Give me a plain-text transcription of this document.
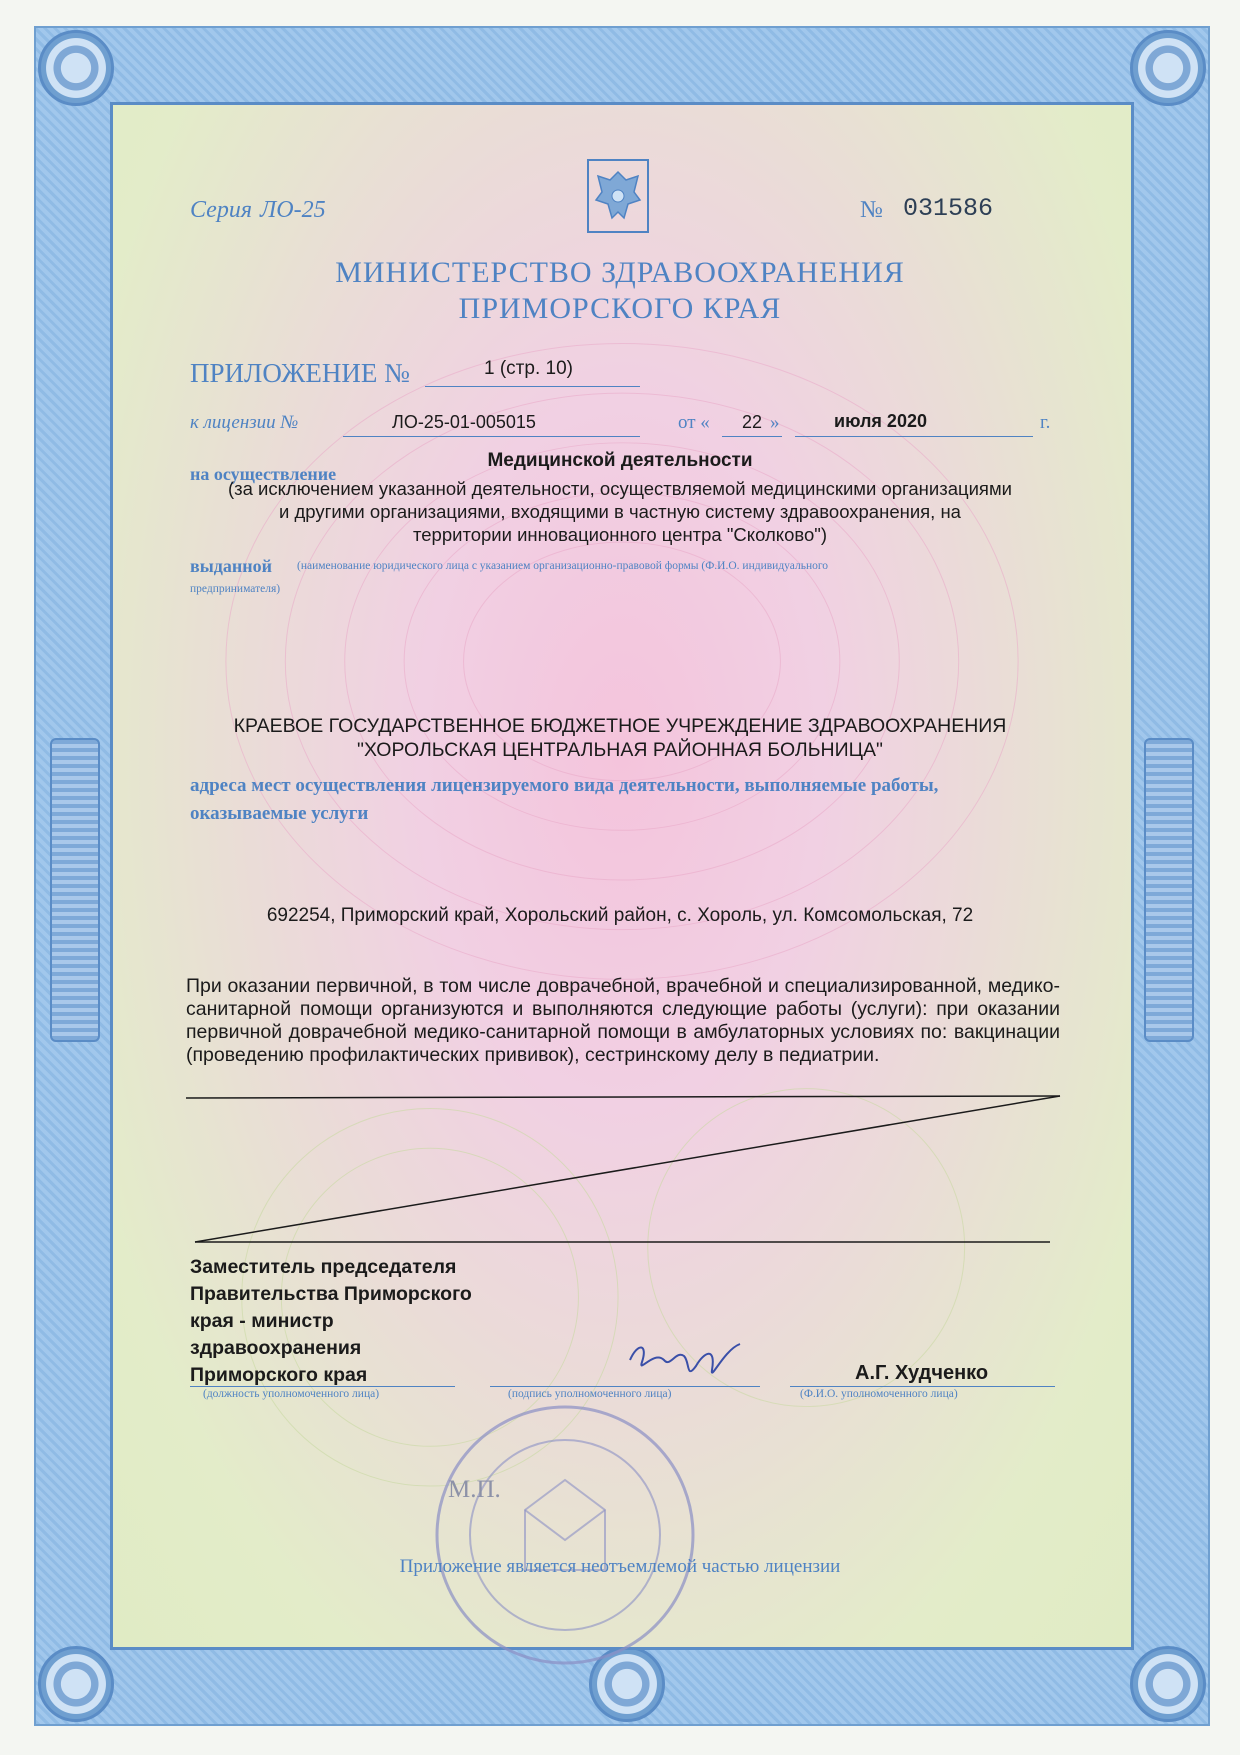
Серия ЛО-25	№ 031586
МИНИСТЕРСТВО ЗДРАВООХРАНЕНИЯ
ПРИМОРСКОГО КРАЯ
ПРИЛОЖЕНИЕ №	1 (стр. 10)
к лицензии №	ЛО-25-01-005015	от « 22 »	июля 2020	г.
Медицинской деятельности
на осуществление
(за исключением указанной деятельности, осуществляемой медицинскими организациями
и другими организациями, входящими в частную систему здравоохранения, на
территории инновационного центра "Сколково")
выданной (наименование юридического лица с указанием организационно-правовой формы (Ф.И.О. индивидуального
предпринимателя)
КРАЕВОЕ ГОСУДАРСТВЕННОЕ БЮДЖЕТНОЕ УЧРЕЖДЕНИЕ ЗДРАВООХРАНЕНИЯ
"ХОРОЛЬСКАЯ ЦЕНТРАЛЬНАЯ РАЙОННАЯ БОЛЬНИЦА"
адреса мест осуществления лицензируемого вида деятельности, выполняемые работы,
оказываемые услуги
692254, Приморский край, Хорольский район, с. Хороль, ул. Комсомольская, 72
При оказании первичной, в том числе доврачебной, врачебной и специализированной, медико-санитарной помощи организуются и выполняются следующие работы (услуги): при оказании первичной доврачебной медико-санитарной помощи в амбулаторных условиях по: вакцинации (проведению профилактических прививок), сестринскому делу в педиатрии.
Заместитель председателя
Правительства Приморского
края - министр
здравоохранения
Приморского края
(должность уполномоченного лица)	(подпись уполномоченного лица)
А.Г. Худченко
(Ф.И.О. уполномоченного лица)
М.П.
Приложение является неотъемлемой частью лицензии
